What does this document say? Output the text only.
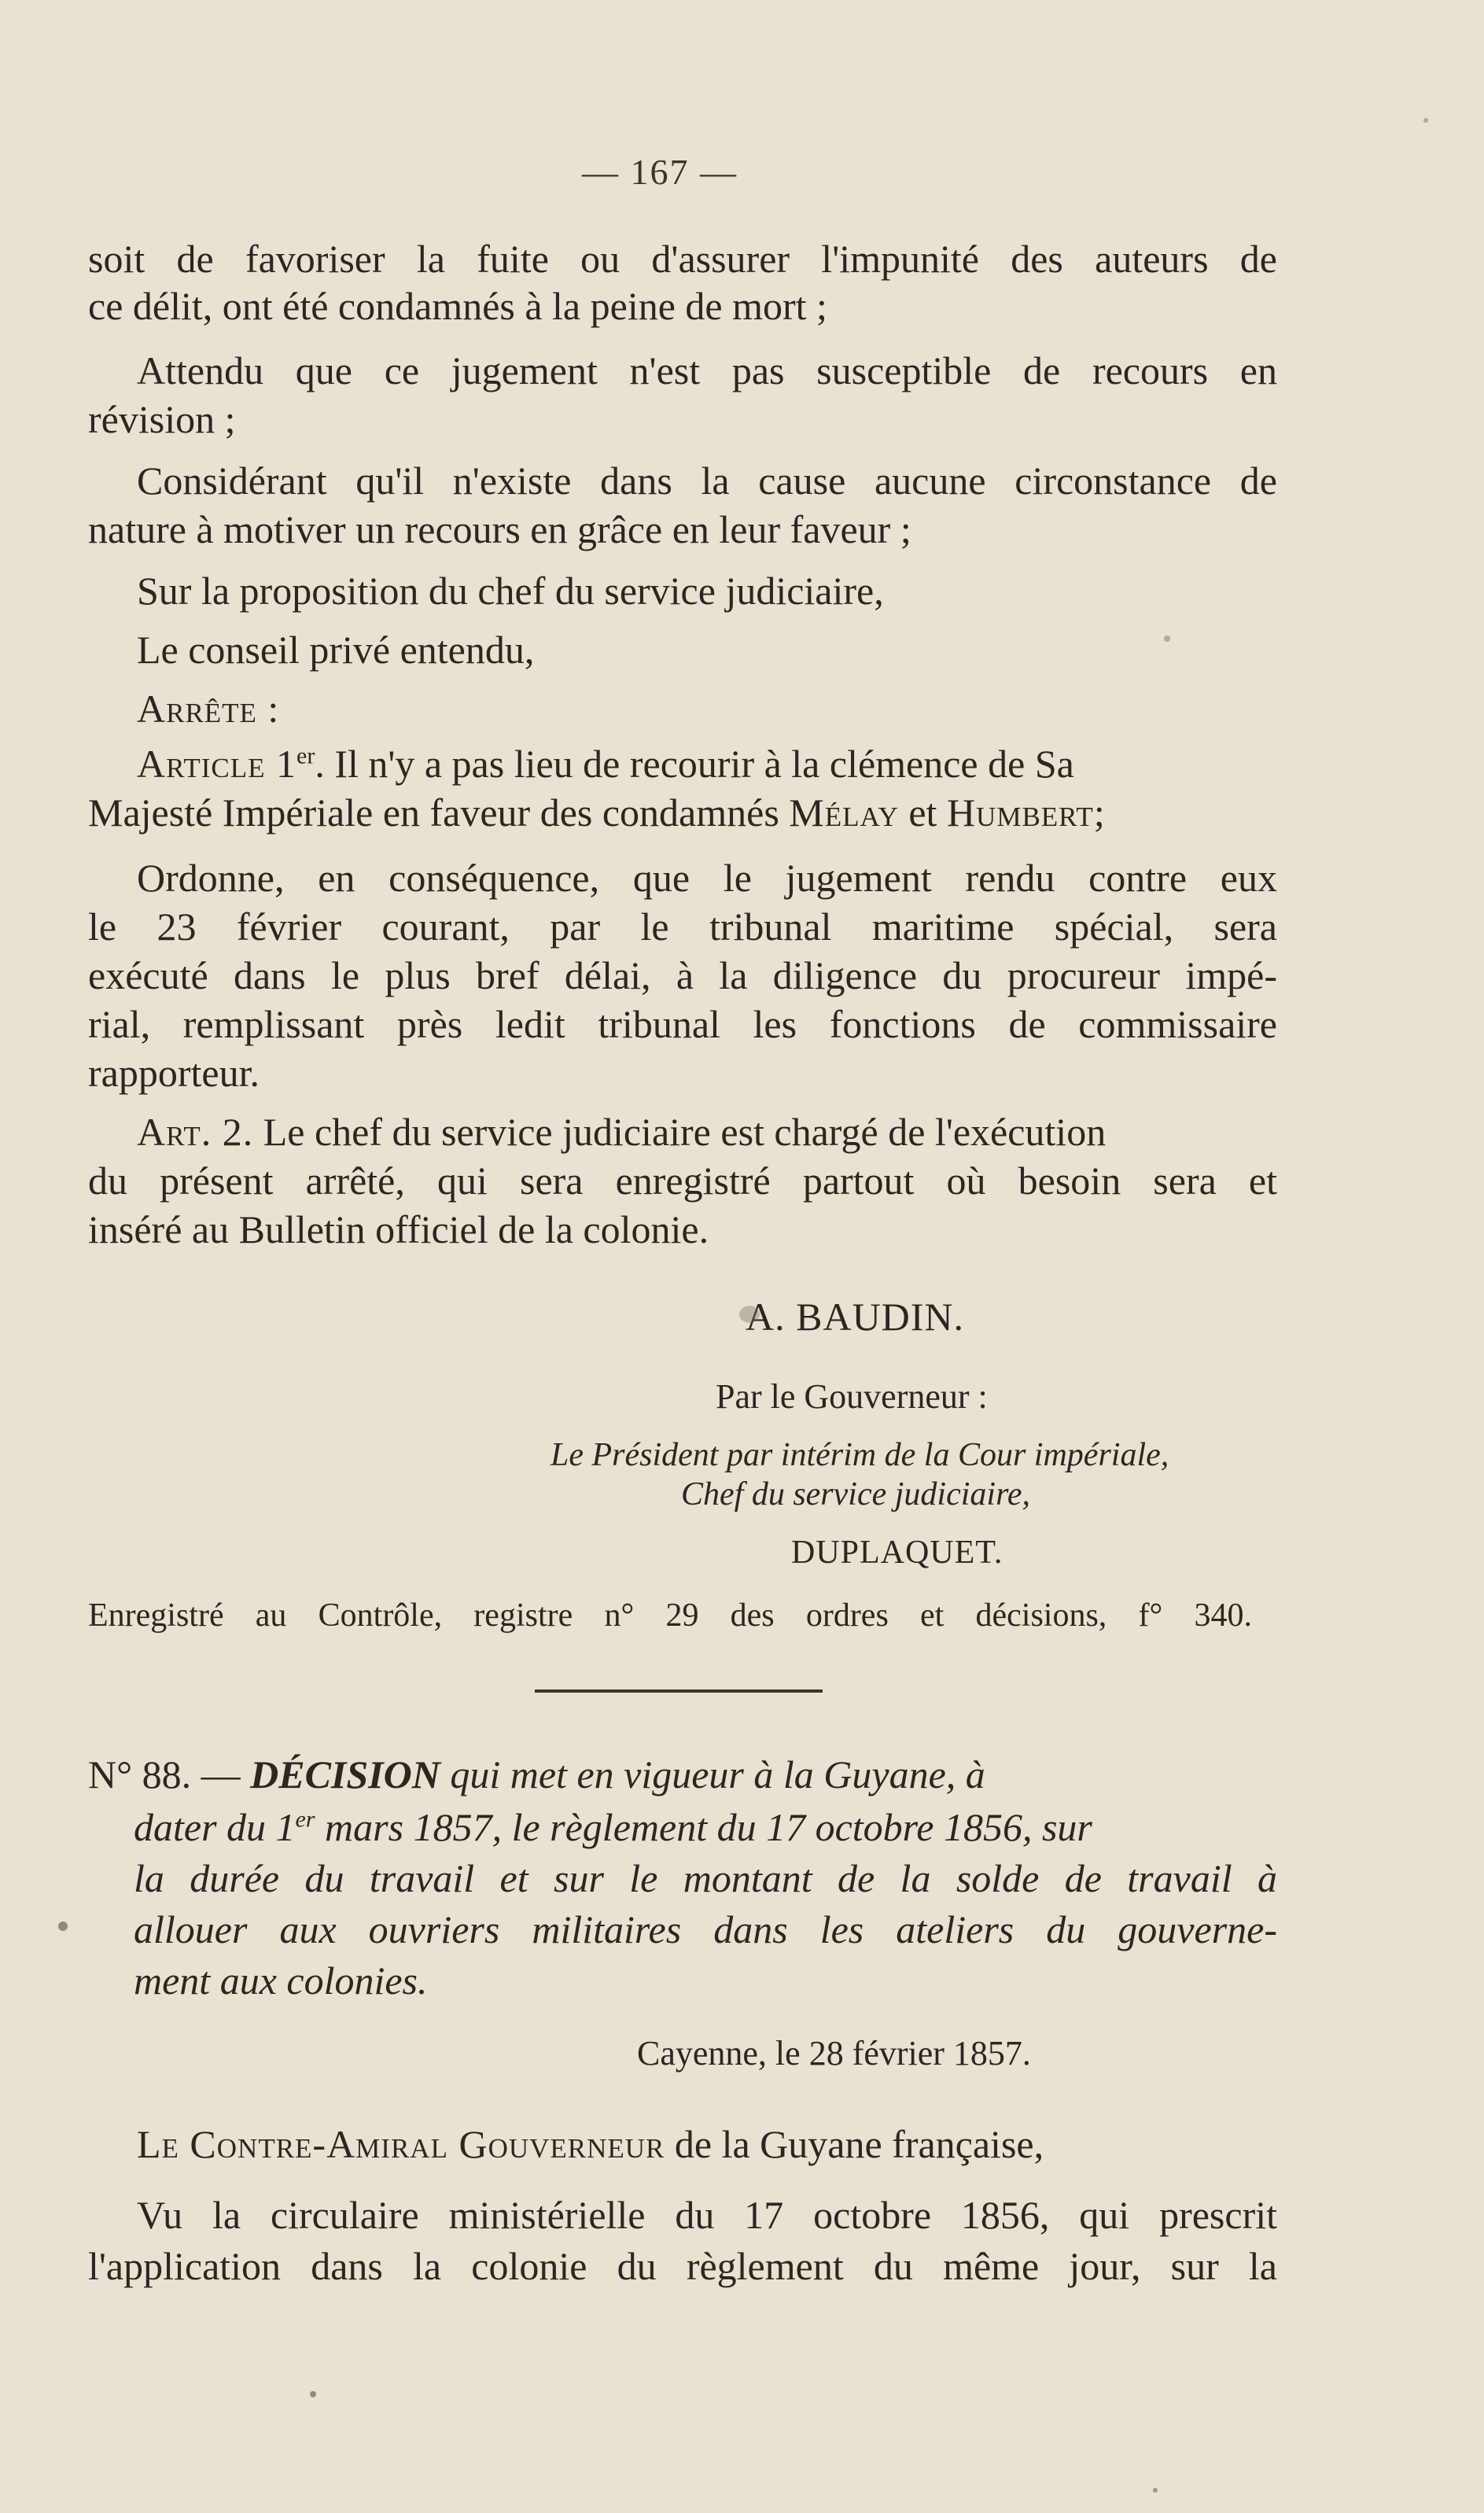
— 167 —
soit de favoriser la fuite ou d'assurer l'impunité des auteurs de
ce délit, ont été condamnés à la peine de mort ;
Attendu que ce jugement n'est pas susceptible de recours en
révision ;
Considérant qu'il n'existe dans la cause aucune circonstance de
nature à motiver un recours en grâce en leur faveur ;
Sur la proposition du chef du service judiciaire,
Le conseil privé entendu,
Arrête :
Article 1er. Il n'y a pas lieu de recourir à la clémence de Sa
Majesté Impériale en faveur des condamnés Mélay et Humbert;
Ordonne, en conséquence, que le jugement rendu contre eux
le 23 février courant, par le tribunal maritime spécial, sera
exécuté dans le plus bref délai, à la diligence du procureur impé-
rial, remplissant près ledit tribunal les fonctions de commissaire
rapporteur.
Art. 2. Le chef du service judiciaire est chargé de l'exécution
du présent arrêté, qui sera enregistré partout où besoin sera et
inséré au Bulletin officiel de la colonie.
A. BAUDIN.
Par le Gouverneur :
Le Président par intérim de la Cour impériale,
Chef du service judiciaire,
DUPLAQUET.
Enregistré au Contrôle, registre n° 29 des ordres et décisions, f° 340.
N° 88. — DÉCISION qui met en vigueur à la Guyane, à
dater du 1er mars 1857, le règlement du 17 octobre 1856, sur
la durée du travail et sur le montant de la solde de travail à
allouer aux ouvriers militaires dans les ateliers du gouverne-
ment aux colonies.
Cayenne, le 28 février 1857.
Le Contre-Amiral Gouverneur de la Guyane française,
Vu la circulaire ministérielle du 17 octobre 1856, qui prescrit
l'application dans la colonie du règlement du même jour, sur la
